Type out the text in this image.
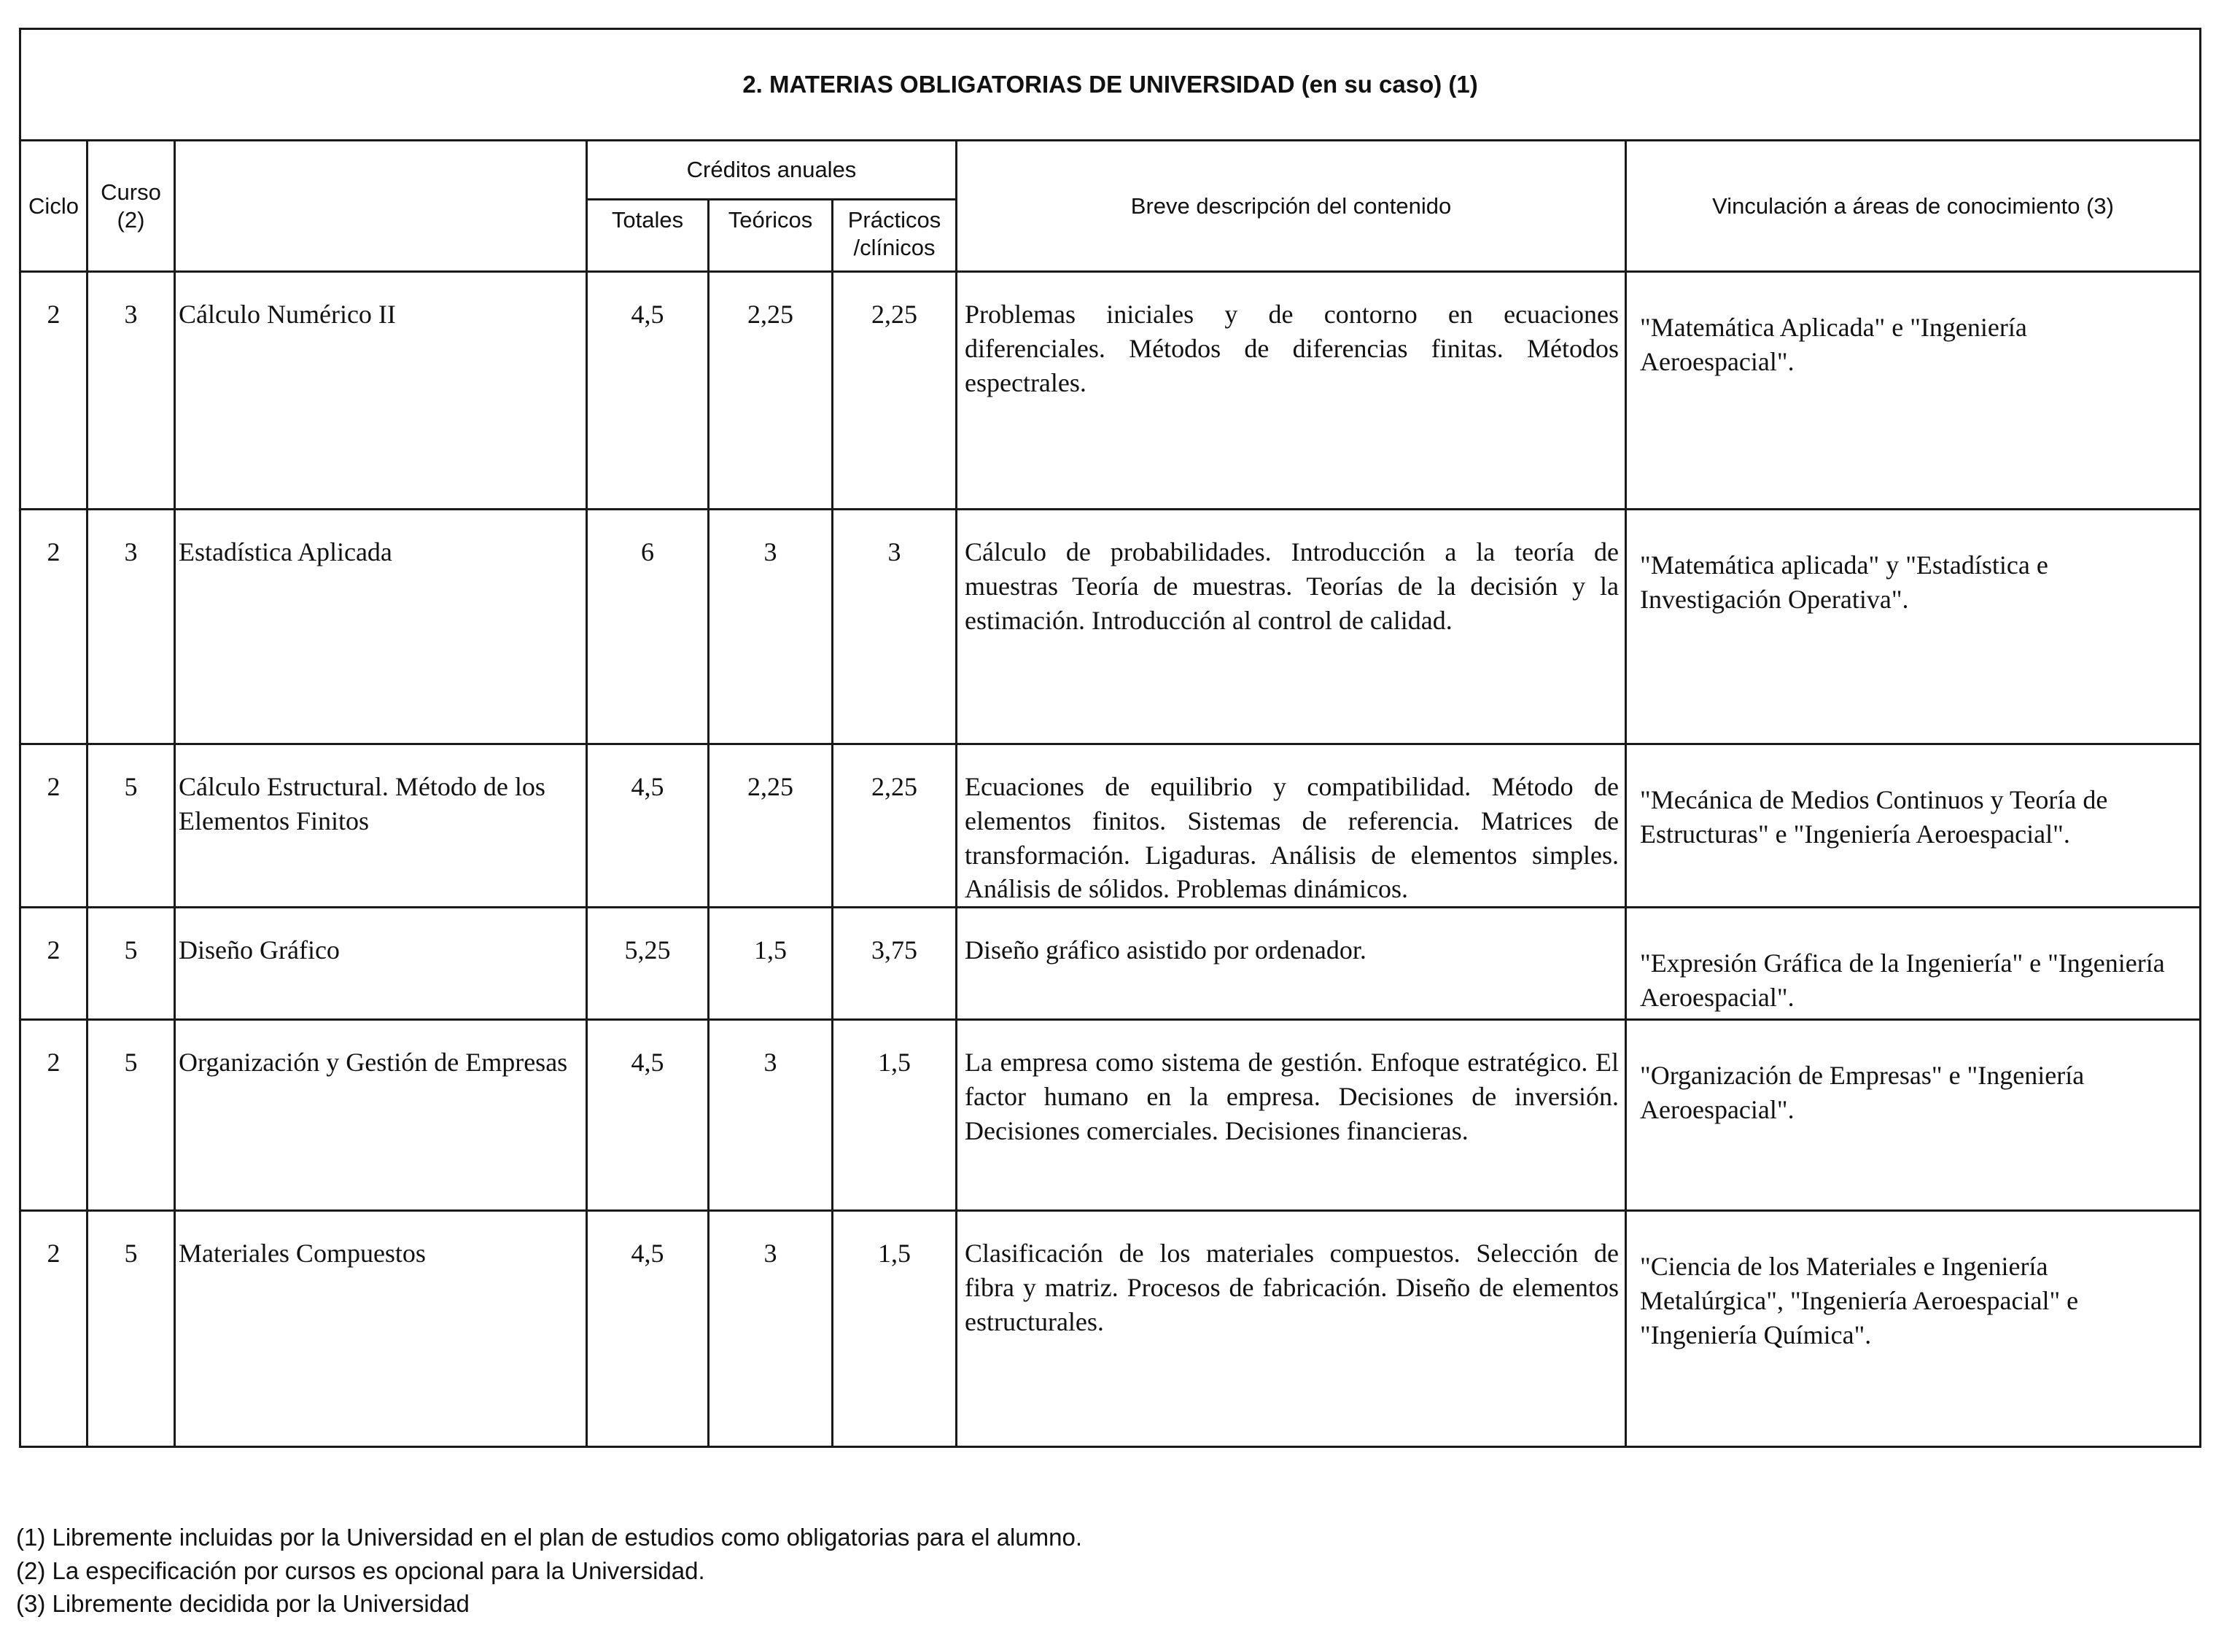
2. MATERIAS OBLIGATORIAS DE UNIVERSIDAD (en su caso) (1)							
Ciclo	Curso (2)		Créditos anuales			Breve descripción del contenido	Vinculación a áreas de conocimiento (3)
			Totales	Teóricos	Prácticos /clínicos		
2	3	Cálculo Numérico II	4,5	2,25	2,25	Problemas iniciales y de contorno en ecuaciones diferenciales. Métodos de diferencias finitas. Métodos espectrales.	"Matemática Aplicada" e "Ingeniería Aeroespacial".
2	3	Estadística Aplicada	6	3	3	Cálculo de probabilidades. Introducción a la teoría de muestras Teoría de muestras. Teorías de la decisión y la estimación. Introducción al control de calidad.	"Matemática aplicada" y "Estadística e Investigación Operativa".
2	5	Cálculo Estructural. Método de los Elementos Finitos	4,5	2,25	2,25	Ecuaciones de equilibrio y compatibilidad. Método de elementos finitos. Sistemas de referencia. Matrices de transformación. Ligaduras. Análisis de elementos simples. Análisis de sólidos. Problemas dinámicos.	"Mecánica de Medios Continuos y Teoría de Estructuras" e "Ingeniería Aeroespacial".
2	5	Diseño Gráfico	5,25	1,5	3,75	Diseño gráfico asistido por ordenador.	"Expresión Gráfica de la Ingeniería" e "Ingeniería Aeroespacial".
2	5	Organización y Gestión de Empresas	4,5	3	1,5	La empresa como sistema de gestión. Enfoque estratégico. El factor humano en la empresa. Decisiones de inversión. Decisiones comerciales. Decisiones financieras.	"Organización de Empresas" e "Ingeniería Aeroespacial".
2	5	Materiales Compuestos	4,5	3	1,5	Clasificación de los materiales compuestos. Selección de fibra y matriz. Procesos de fabricación. Diseño de elementos estructurales.	"Ciencia de los Materiales e Ingeniería Metalúrgica", "Ingeniería Aeroespacial" e "Ingeniería Química".
(1) Libremente incluidas por la Universidad en el plan de estudios como obligatorias para el alumno.
(2) La especificación por cursos es opcional para la Universidad.
(3) Libremente decidida por la Universidad
